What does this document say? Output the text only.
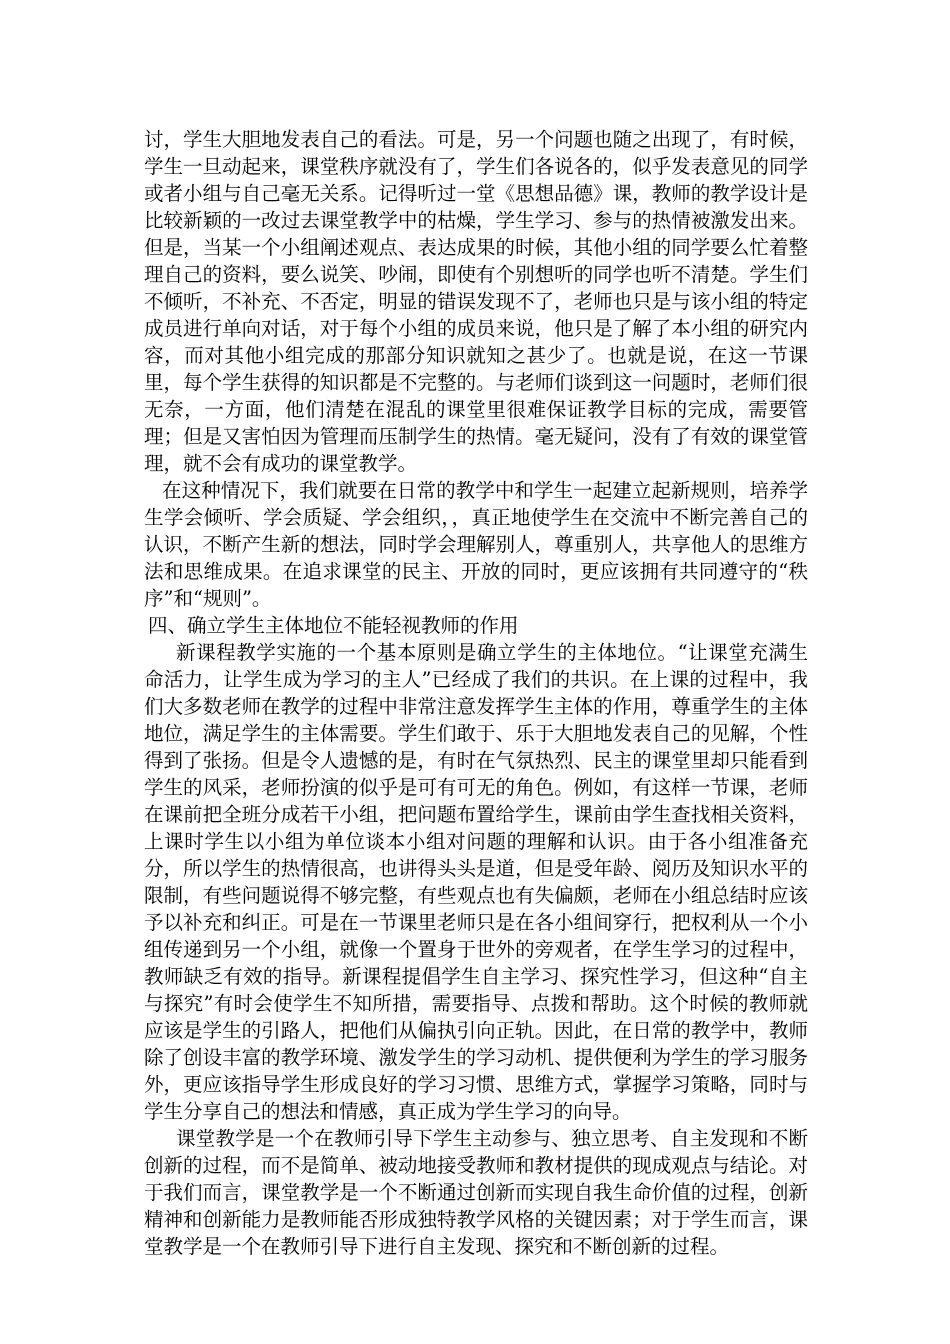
讨，学生大胆地发表自己的看法。可是，另一个问题也随之出现了，有时候，学生一旦动起来，课堂秩序就没有了，学生们各说各的，似乎发表意见的同学或者小组与自己毫无关系。记得听过一堂《思想品德》课，教师的教学设计是比较新颖的一改过去课堂教学中的枯燥，学生学习、参与的热情被激发出来。但是，当某一个小组阐述观点、表达成果的时候，其他小组的同学要么忙着整理自己的资料，要么说笑、吵闹，即使有个别想听的同学也听不清楚。学生们不倾听，不补充、不否定，明显的错误发现不了，老师也只是与该小组的特定成员进行单向对话，对于每个小组的成员来说，他只是了解了本小组的研究内容，而对其他小组完成的那部分知识就知之甚少了。也就是说，在这一节课里，每个学生获得的知识都是不完整的。与老师们谈到这一问题时，老师们很无奈，一方面，他们清楚在混乱的课堂里很难保证教学目标的完成，需要管理；但是又害怕因为管理而压制学生的热情。毫无疑问，没有了有效的课堂管理，就不会有成功的课堂教学。

在这种情况下，我们就要在日常的教学中和学生一起建立起新规则，培养学生学会倾听、学会质疑、学会组织，，真正地使学生在交流中不断完善自己的认识，不断产生新的想法，同时学会理解别人，尊重别人，共享他人的思维方法和思维成果。在追求课堂的民主、开放的同时，更应该拥有共同遵守的“秩序”和“规则”。

四、确立学生主体地位不能轻视教师的作用

新课程教学实施的一个基本原则是确立学生的主体地位。“让课堂充满生命活力，让学生成为学习的主人”已经成了我们的共识。在上课的过程中，我们大多数老师在教学的过程中非常注意发挥学生主体的作用，尊重学生的主体地位，满足学生的主体需要。学生们敢于、乐于大胆地发表自己的见解，个性得到了张扬。但是令人遗憾的是，有时在气氛热烈、民主的课堂里却只能看到学生的风采，老师扮演的似乎是可有可无的角色。例如，有这样一节课，老师在课前把全班分成若干小组，把问题布置给学生，课前由学生查找相关资料，上课时学生以小组为单位谈本小组对问题的理解和认识。由于各小组准备充分，所以学生的热情很高，也讲得头头是道，但是受年龄、阅历及知识水平的限制，有些问题说得不够完整，有些观点也有失偏颇，老师在小组总结时应该予以补充和纠正。可是在一节课里老师只是在各小组间穿行，把权利从一个小组传递到另一个小组，就像一个置身于世外的旁观者，在学生学习的过程中，教师缺乏有效的指导。新课程提倡学生自主学习、探究性学习，但这种“自主与探究”有时会使学生不知所措，需要指导、点拨和帮助。这个时候的教师就应该是学生的引路人，把他们从偏执引向正轨。因此，在日常的教学中，教师除了创设丰富的教学环境、激发学生的学习动机、提供便利为学生的学习服务外，更应该指导学生形成良好的学习习惯、思维方式，掌握学习策略，同时与学生分享自己的想法和情感，真正成为学生学习的向导。

课堂教学是一个在教师引导下学生主动参与、独立思考、自主发现和不断创新的过程，而不是简单、被动地接受教师和教材提供的现成观点与结论。对于我们而言，课堂教学是一个不断通过创新而实现自我生命价值的过程，创新精神和创新能力是教师能否形成独特教学风格的关键因素；对于学生而言，课堂教学是一个在教师引导下进行自主发现、探究和不断创新的过程。
